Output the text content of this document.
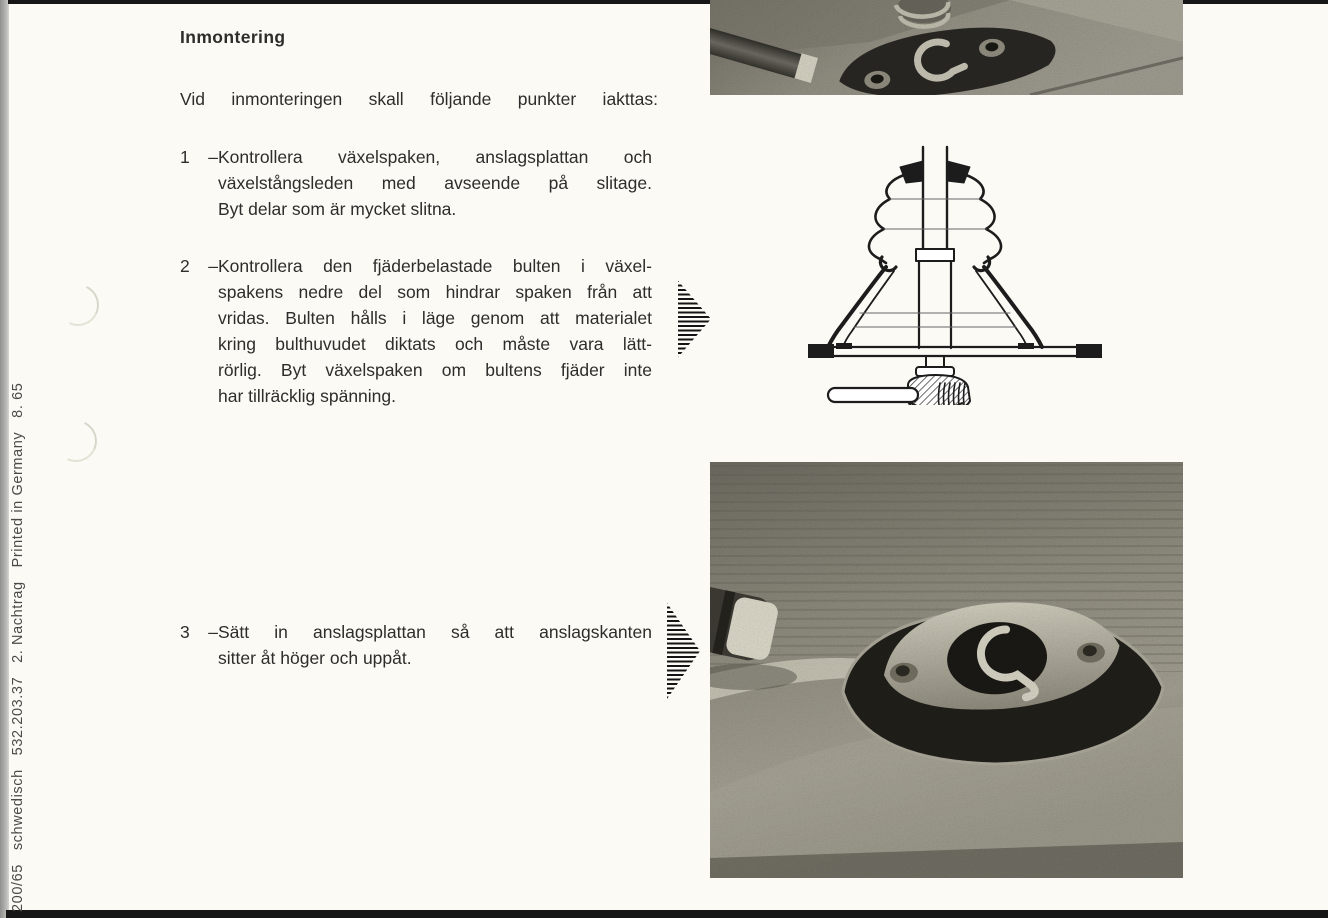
200/65   schwedisch   532.203.37   2. Nachtrag   Printed in Germany   8. 65
Inmontering

Vid inmonteringen skall följande punkter iakttas:

1 – Kontrollera växelspaken, anslagsplattan och
växelstångsleden med avseende på slitage.
Byt delar som är mycket slitna.
2 – Kontrollera den fjäderbelastade bulten i växel-
spakens nedre del som hindrar spaken från att
vridas. Bulten hålls i läge genom att materialet
kring bulthuvudet diktats och måste vara lätt-
rörlig. Byt växelspaken om bultens fjäder inte
har tillräcklig spänning.
3 – Sätt in anslagsplattan så att anslagskanten
sitter åt höger och uppåt.
